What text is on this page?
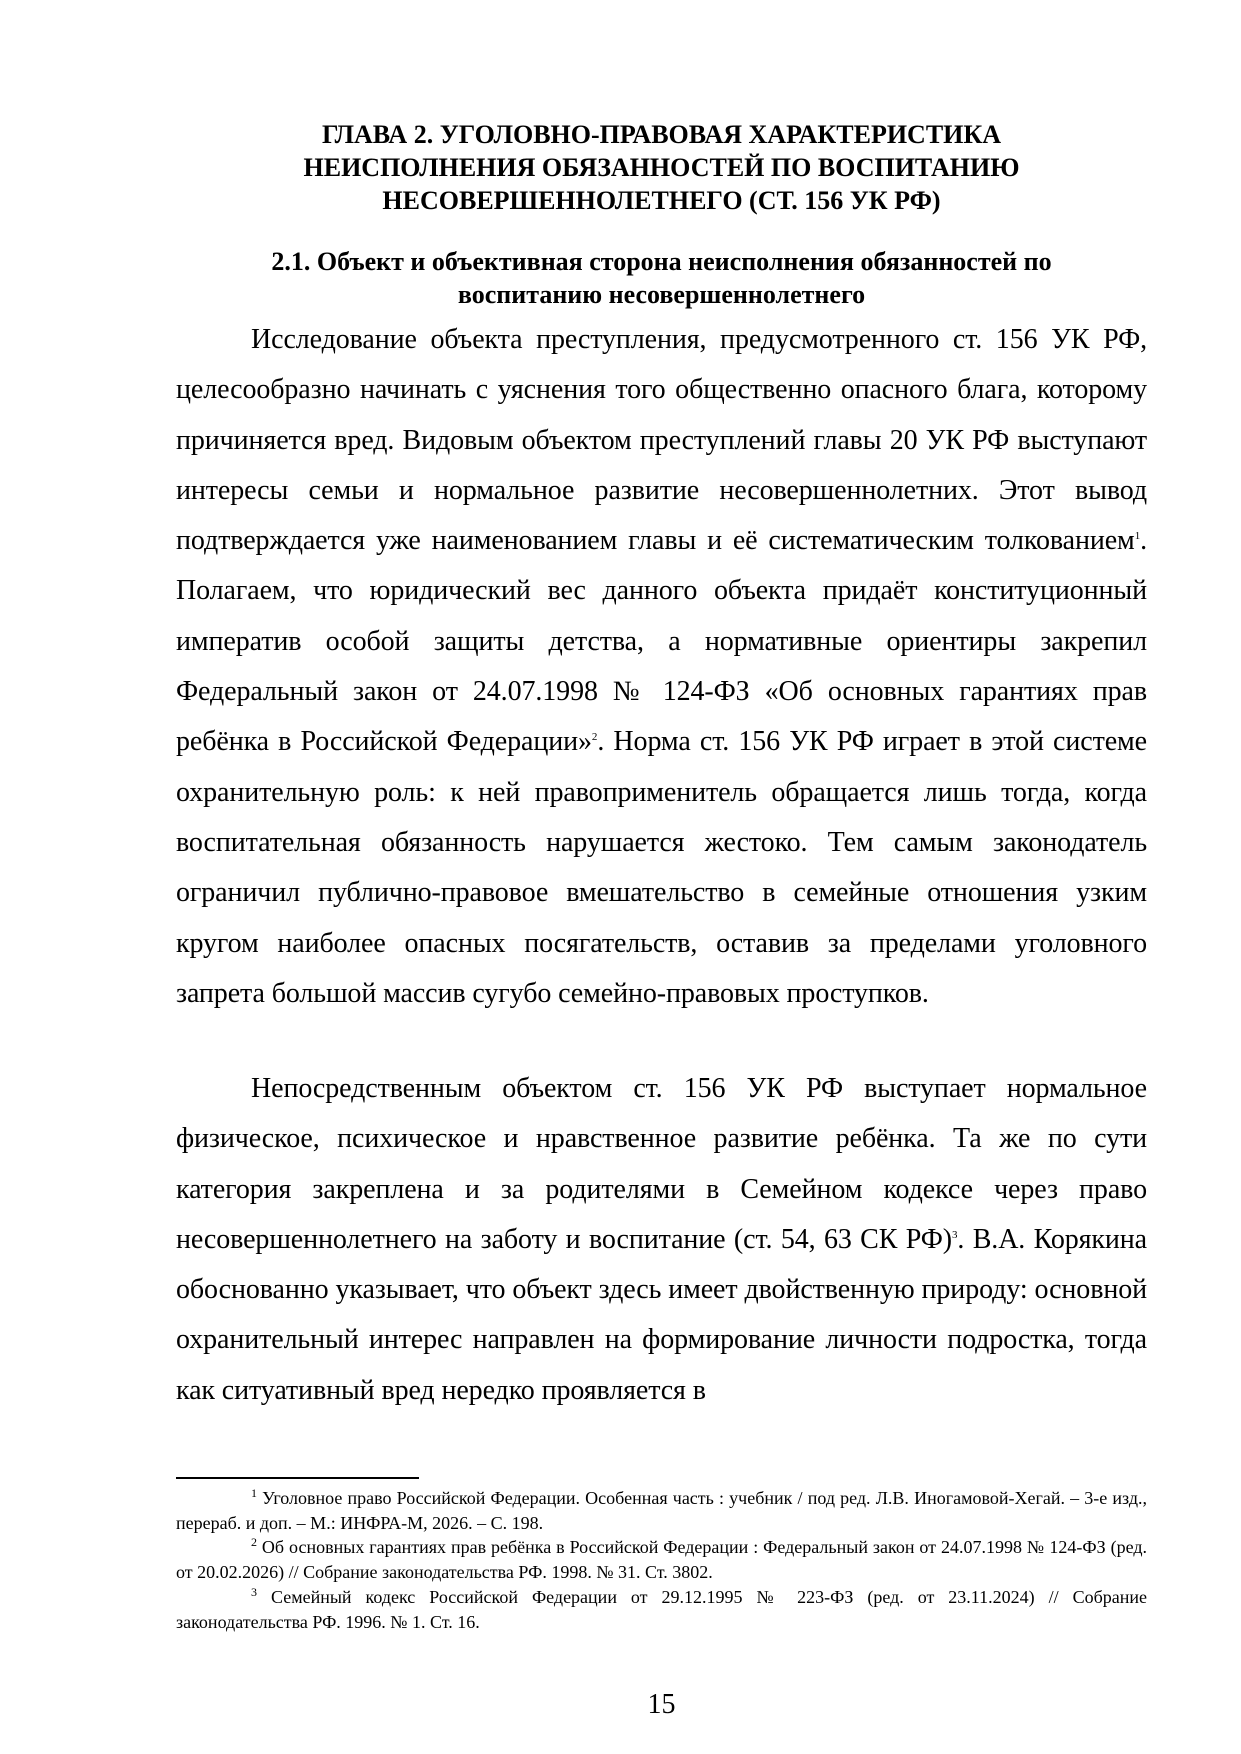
ГЛАВА 2. УГОЛОВНО-ПРАВОВАЯ ХАРАКТЕРИСТИКА
НЕИСПОЛНЕНИЯ ОБЯЗАННОСТЕЙ ПО ВОСПИТАНИЮ
НЕСОВЕРШЕННОЛЕТНЕГО (СТ. 156 УК РФ)
2.1. Объект и объективная сторона неисполнения обязанностей по
воспитанию несовершеннолетнего

Исследование объекта преступления, предусмотренного ст. 156 УК РФ, целесообразно начинать с уяснения того общественно опасного блага, которому причиняется вред. Видовым объектом преступлений главы 20 УК РФ выступают интересы семьи и нормальное развитие несовершеннолетних. Этот вывод подтверждается уже наименованием главы и её систематическим толкованием$^1$. Полагаем, что юридический вес данного объекта придаёт конституционный императив особой защиты детства, а нормативные ориентиры закрепил Федеральный закон от 24.07.1998 № 124-ФЗ «Об основных гарантиях прав ребёнка в Российской Федерации»$^2$. Норма ст. 156 УК РФ играет в этой системе охранительную роль: к ней правоприменитель обращается лишь тогда, когда воспитательная обязанность нарушается жестоко. Тем самым законодатель ограничил публично-правовое вмешательство в семейные отношения узким кругом наиболее опасных посягательств, оставив за пределами уголовного запрета большой массив сугубо семейно-правовых проступков.

Непосредственным объектом ст. 156 УК РФ выступает нормальное физическое, психическое и нравственное развитие ребёнка. Та же по сути категория закреплена и за родителями в Семейном кодексе через право несовершеннолетнего на заботу и воспитание (ст. 54, 63 СК РФ)$^3$. В.А. Корякина обоснованно указывает, что объект здесь имеет двойственную природу: основной охранительный интерес направлен на формирование личности подростка, тогда как ситуативный вред нередко проявляется в

$^1$ Уголовное право Российской Федерации. Особенная часть : учебник / под ред. Л.В. Иногамовой-Хегай. – 3-е изд., перераб. и доп. – М.: ИНФРА-М, 2026. – С. 198.
$^2$ Об основных гарантиях прав ребёнка в Российской Федерации : Федеральный закон от 24.07.1998 № 124-ФЗ (ред. от 20.02.2026) // Собрание законодательства РФ. 1998. № 31. Ст. 3802.
$^3$ Семейный кодекс Российской Федерации от 29.12.1995 № 223-ФЗ (ред. от 23.11.2024) // Собрание законодательства РФ. 1996. № 1. Ст. 16.
15
